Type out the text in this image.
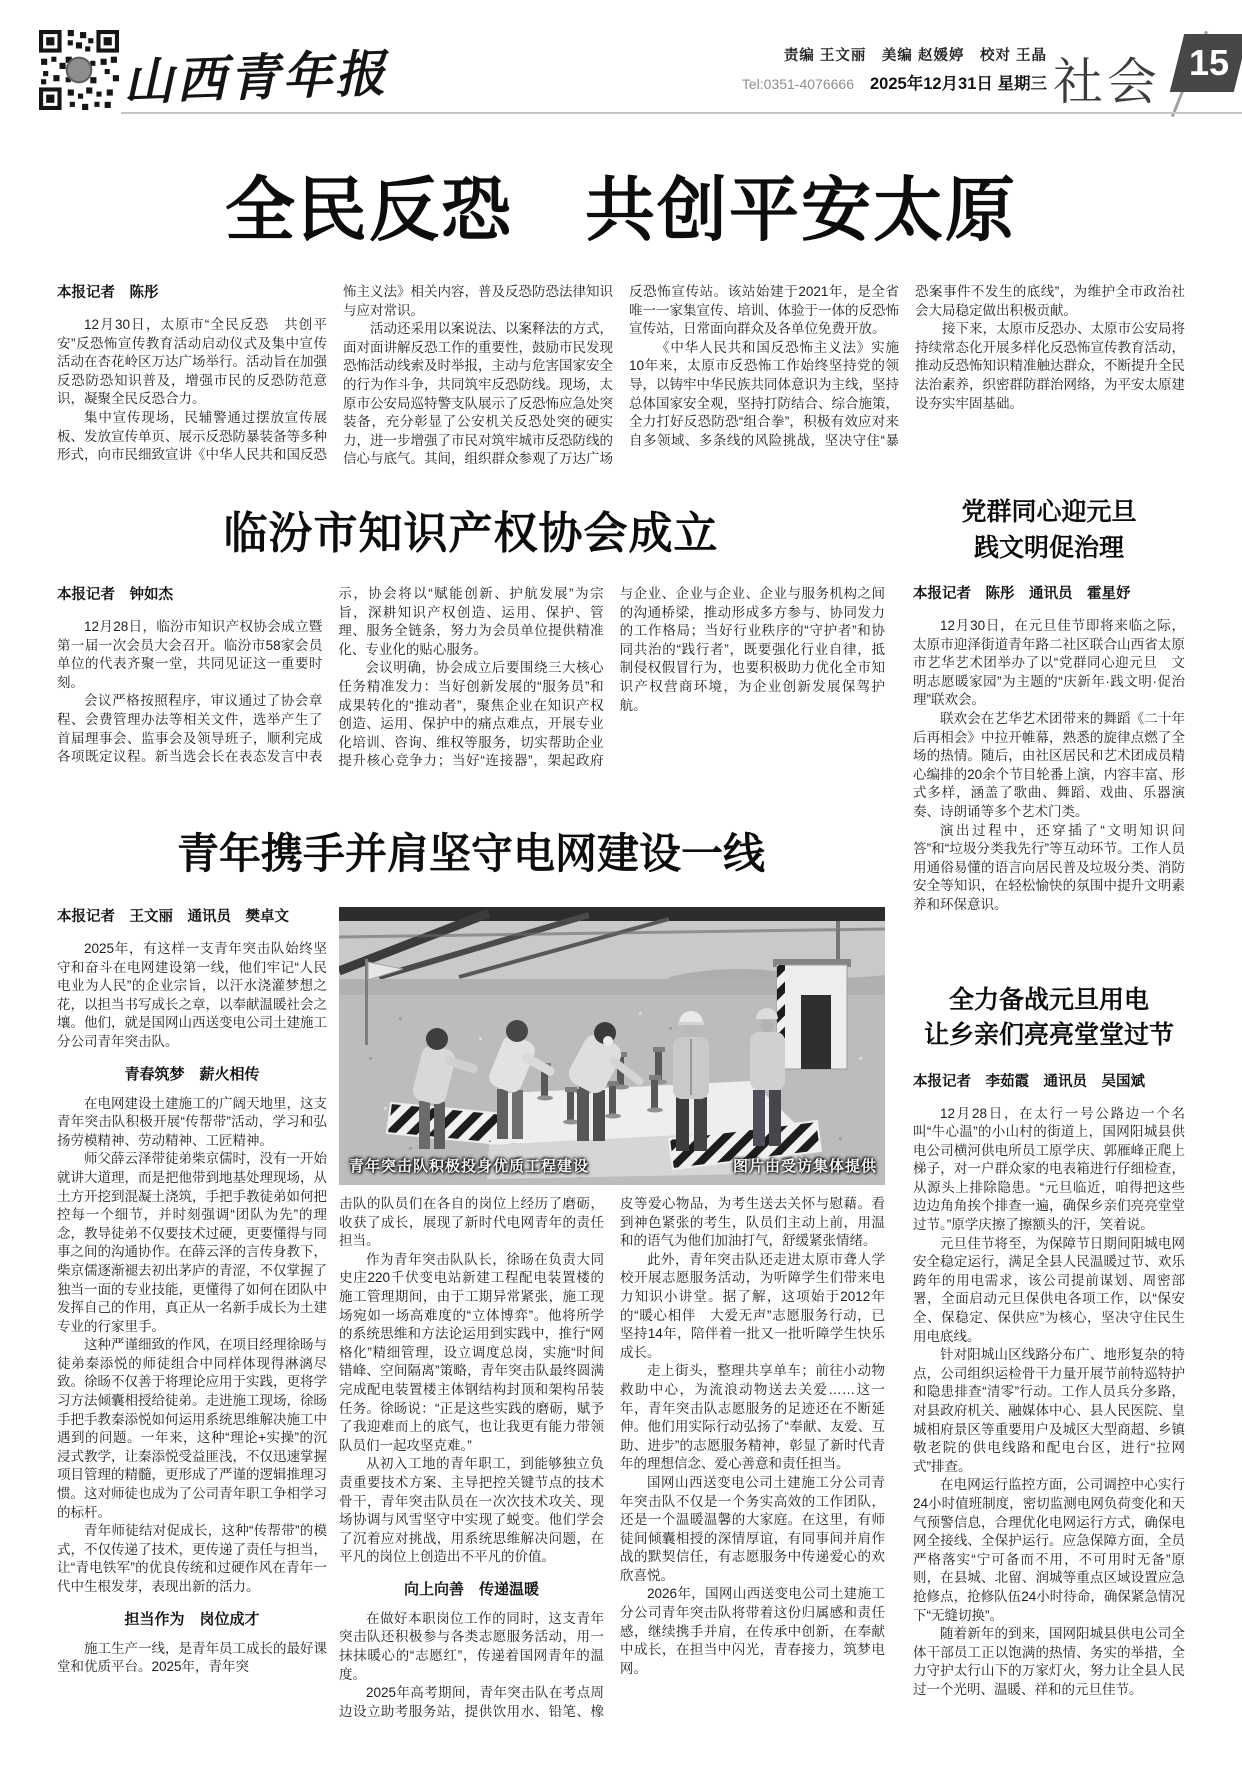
山西青年报	责编 王文丽　美编 赵媛婷　校对 王晶
Tel:0351-4076666 2025年12月31日 星期三 社会 15
全民反恐　共创平安太原

本报记者　陈彤

12月30日，太原市“全民反恐　共创平安”反恐怖宣传教育活动启动仪式及集中宣传活动在杏花岭区万达广场举行。活动旨在加强反恐防恐知识普及，增强市民的反恐防范意识，凝聚全民反恐合力。

集中宣传现场，民辅警通过摆放宣传展板、发放宣传单页、展示反恐防暴装备等多种形式，向市民细致宣讲《中华人民共和国反恐怖主义法》相关内容，普及反恐防恐法律知识与应对常识。

活动还采用以案说法、以案释法的方式，面对面讲解反恐工作的重要性，鼓励市民发现恐怖活动线索及时举报，主动与危害国家安全的行为作斗争，共同筑牢反恐防线。现场，太原市公安局巡特警支队展示了反恐怖应急处突装备，充分彰显了公安机关反恐处突的硬实力，进一步增强了市民对筑牢城市反恐防线的信心与底气。其间，组织群众参观了万达广场反恐怖宣传站。该站始建于2021年，是全省唯一一家集宣传、培训、体验于一体的反恐怖宣传站，日常面向群众及各单位免费开放。

《中华人民共和国反恐怖主义法》实施10年来，太原市反恐怖工作始终坚持党的领导，以铸牢中华民族共同体意识为主线，坚持总体国家安全观，坚持打防结合、综合施策，全力打好反恐防恐“组合拳”，积极有效应对来自多领域、多条线的风险挑战，坚决守住“暴恐案事件不发生的底线”，为维护全市政治社会大局稳定做出积极贡献。

接下来，太原市反恐办、太原市公安局将持续常态化开展多样化反恐怖宣传教育活动，推动反恐怖知识精准触达群众，不断提升全民法治素养，织密群防群治网络，为平安太原建设夯实牢固基础。

临汾市知识产权协会成立

本报记者　钟如杰

12月28日，临汾市知识产权协会成立暨第一届一次会员大会召开。临汾市58家会员单位的代表齐聚一堂，共同见证这一重要时刻。

会议严格按照程序，审议通过了协会章程、会费管理办法等相关文件，选举产生了首届理事会、监事会及领导班子，顺利完成各项既定议程。新当选会长在表态发言中表示，协会将以“赋能创新、护航发展”为宗旨，深耕知识产权创造、运用、保护、管理、服务全链条，努力为会员单位提供精准化、专业化的贴心服务。

会议明确，协会成立后要围绕三大核心任务精准发力：当好创新发展的“服务员”和成果转化的“推动者”，聚焦企业在知识产权创造、运用、保护中的痛点难点，开展专业化培训、咨询、维权等服务，切实帮助企业提升核心竞争力；当好“连接器”，架起政府与企业、企业与企业、企业与服务机构之间的沟通桥梁，推动形成多方参与、协同发力的工作格局；当好行业秩序的“守护者”和协同共治的“践行者”，既要强化行业自律，抵制侵权假冒行为，也要积极助力优化全市知识产权营商环境，为企业创新发展保驾护航。

青年携手并肩坚守电网建设一线

本报记者　王文丽　通讯员　樊卓文

2025年，有这样一支青年突击队始终坚守和奋斗在电网建设第一线，他们牢记“人民电业为人民”的企业宗旨，以汗水浇灌梦想之花，以担当书写成长之章，以奉献温暖社会之壤。他们，就是国网山西送变电公司土建施工分公司青年突击队。

青春筑梦　薪火相传

在电网建设土建施工的广阔天地里，这支青年突击队积极开展“传帮带”活动，学习和弘扬劳模精神、劳动精神、工匠精神。

师父薛云泽带徒弟柴京儒时，没有一开始就讲大道理，而是把他带到地基处理现场，从土方开挖到混凝土浇筑，手把手教徒弟如何把控每一个细节，并时刻强调“团队为先”的理念，教导徒弟不仅要技术过硬，更要懂得与同事之间的沟通协作。在薛云泽的言传身教下，柴京儒逐渐褪去初出茅庐的青涩，不仅掌握了独当一面的专业技能，更懂得了如何在团队中发挥自己的作用，真正从一名新手成长为土建专业的行家里手。

这种严谨细致的作风，在项目经理徐旸与徒弟秦添悦的师徒组合中同样体现得淋漓尽致。徐旸不仅善于将理论应用于实践，更将学习方法倾囊相授给徒弟。走进施工现场，徐旸手把手教秦添悦如何运用系统思维解决施工中遇到的问题。一年来，这种“理论+实操”的沉浸式教学，让秦添悦受益匪浅，不仅迅速掌握项目管理的精髓，更形成了严谨的逻辑推理习惯。这对师徒也成为了公司青年职工争相学习的标杆。

青年师徒结对促成长，这种“传帮带”的模式，不仅传递了技术，更传递了责任与担当，让“青电铁军”的优良传统和过硬作风在青年一代中生根发芽，表现出新的活力。

担当作为　岗位成才

施工生产一线，是青年员工成长的最好课堂和优质平台。2025年，青年突

青年突击队积极投身优质工程建设	图片由受访集体提供

击队的队员们在各自的岗位上经历了磨砺，收获了成长，展现了新时代电网青年的责任担当。

作为青年突击队队长，徐旸在负责大同史庄220千伏变电站新建工程配电装置楼的施工管理期间，由于工期异常紧张，施工现场宛如一场高难度的“立体博弈”。他将所学的系统思维和方法论运用到实践中，推行“网格化”精细管理，设立调度总岗，实施“时间错峰、空间隔离”策略，青年突击队最终圆满完成配电装置楼主体钢结构封顶和架构吊装任务。徐旸说：“正是这些实践的磨砺，赋予了我迎难而上的底气，也让我更有能力带领队员们一起攻坚克难。”

从初入工地的青年职工，到能够独立负责重要技术方案、主导把控关键节点的技术骨干，青年突击队员在一次次技术攻关、现场协调与风雪坚守中实现了蜕变。他们学会了沉着应对挑战，用系统思维解决问题，在平凡的岗位上创造出不平凡的价值。

向上向善　传递温暖

在做好本职岗位工作的同时，这支青年突击队还积极参与各类志愿服务活动，用一抹抹暖心的“志愿红”，传递着国网青年的温度。

2025年高考期间，青年突击队在考点周边设立助考服务站，提供饮用水、铅笔、橡皮等爱心物品，为考生送去关怀与慰藉。看到神色紧张的考生，队员们主动上前，用温和的语气为他们加油打气，舒缓紧张情绪。

此外，青年突击队还走进太原市聋人学校开展志愿服务活动，为听障学生们带来电力知识小讲堂。据了解，这项始于2012年的“暖心相伴　大爱无声”志愿服务行动，已坚持14年，陪伴着一批又一批听障学生快乐成长。

走上街头，整理共享单车；前往小动物救助中心，为流浪动物送去关爱……这一年，青年突击队志愿服务的足迹还在不断延伸。他们用实际行动弘扬了“奉献、友爱、互助、进步”的志愿服务精神，彰显了新时代青年的理想信念、爱心善意和责任担当。

国网山西送变电公司土建施工分公司青年突击队不仅是一个务实高效的工作团队，还是一个温暖温馨的大家庭。在这里，有师徒间倾囊相授的深情厚谊，有同事间并肩作战的默契信任，有志愿服务中传递爱心的欢欣喜悦。

2026年，国网山西送变电公司土建施工分公司青年突击队将带着这份归属感和责任感，继续携手并肩，在传承中创新，在奉献中成长，在担当中闪光，青春接力，筑梦电网。

党群同心迎元旦
践文明促治理

本报记者　陈彤　通讯员　霍星妤

12月30日，在元旦佳节即将来临之际，太原市迎泽街道青年路二社区联合山西省太原市艺华艺术团举办了以“党群同心迎元旦　文明志愿暖家园”为主题的“庆新年·践文明·促治理”联欢会。

联欢会在艺华艺术团带来的舞蹈《二十年后再相会》中拉开帷幕，熟悉的旋律点燃了全场的热情。随后，由社区居民和艺术团成员精心编排的20余个节目轮番上演，内容丰富、形式多样，涵盖了歌曲、舞蹈、戏曲、乐器演奏、诗朗诵等多个艺术门类。

演出过程中，还穿插了“文明知识问答”和“垃圾分类我先行”等互动环节。工作人员用通俗易懂的语言向居民普及垃圾分类、消防安全等知识，在轻松愉快的氛围中提升文明素养和环保意识。

全力备战元旦用电
让乡亲们亮亮堂堂过节

本报记者　李茹霞　通讯员　吴国斌

12月28日，在太行一号公路边一个名叫“牛心温”的小山村的街道上，国网阳城县供电公司横河供电所员工原学庆、郭雁峰正爬上梯子，对一户群众家的电表箱进行仔细检查，从源头上排除隐患。“元旦临近，咱得把这些边边角角挨个排查一遍，确保乡亲们亮亮堂堂过节。”原学庆擦了擦额头的汗，笑着说。

元旦佳节将至，为保障节日期间阳城电网安全稳定运行，满足全县人民温暖过节、欢乐跨年的用电需求，该公司提前谋划、周密部署，全面启动元旦保供电各项工作，以“保安全、保稳定、保供应”为核心，坚决守住民生用电底线。

针对阳城山区线路分布广、地形复杂的特点，公司组织运检骨干力量开展节前特巡特护和隐患排查“清零”行动。工作人员兵分多路，对县政府机关、融媒体中心、县人民医院、皇城相府景区等重要用户及城区大型商超、乡镇敬老院的供电线路和配电台区，进行“拉网式”排查。

在电网运行监控方面，公司调控中心实行24小时值班制度，密切监测电网负荷变化和天气预警信息，合理优化电网运行方式，确保电网全接线、全保护运行。应急保障方面，全员严格落实“宁可备而不用，不可用时无备”原则，在县城、北留、润城等重点区域设置应急抢修点，抢修队伍24小时待命，确保紧急情况下“无缝切换”。

随着新年的到来，国网阳城县供电公司全体干部员工正以饱满的热情、务实的举措，全力守护太行山下的万家灯火，努力让全县人民过一个光明、温暖、祥和的元旦佳节。
